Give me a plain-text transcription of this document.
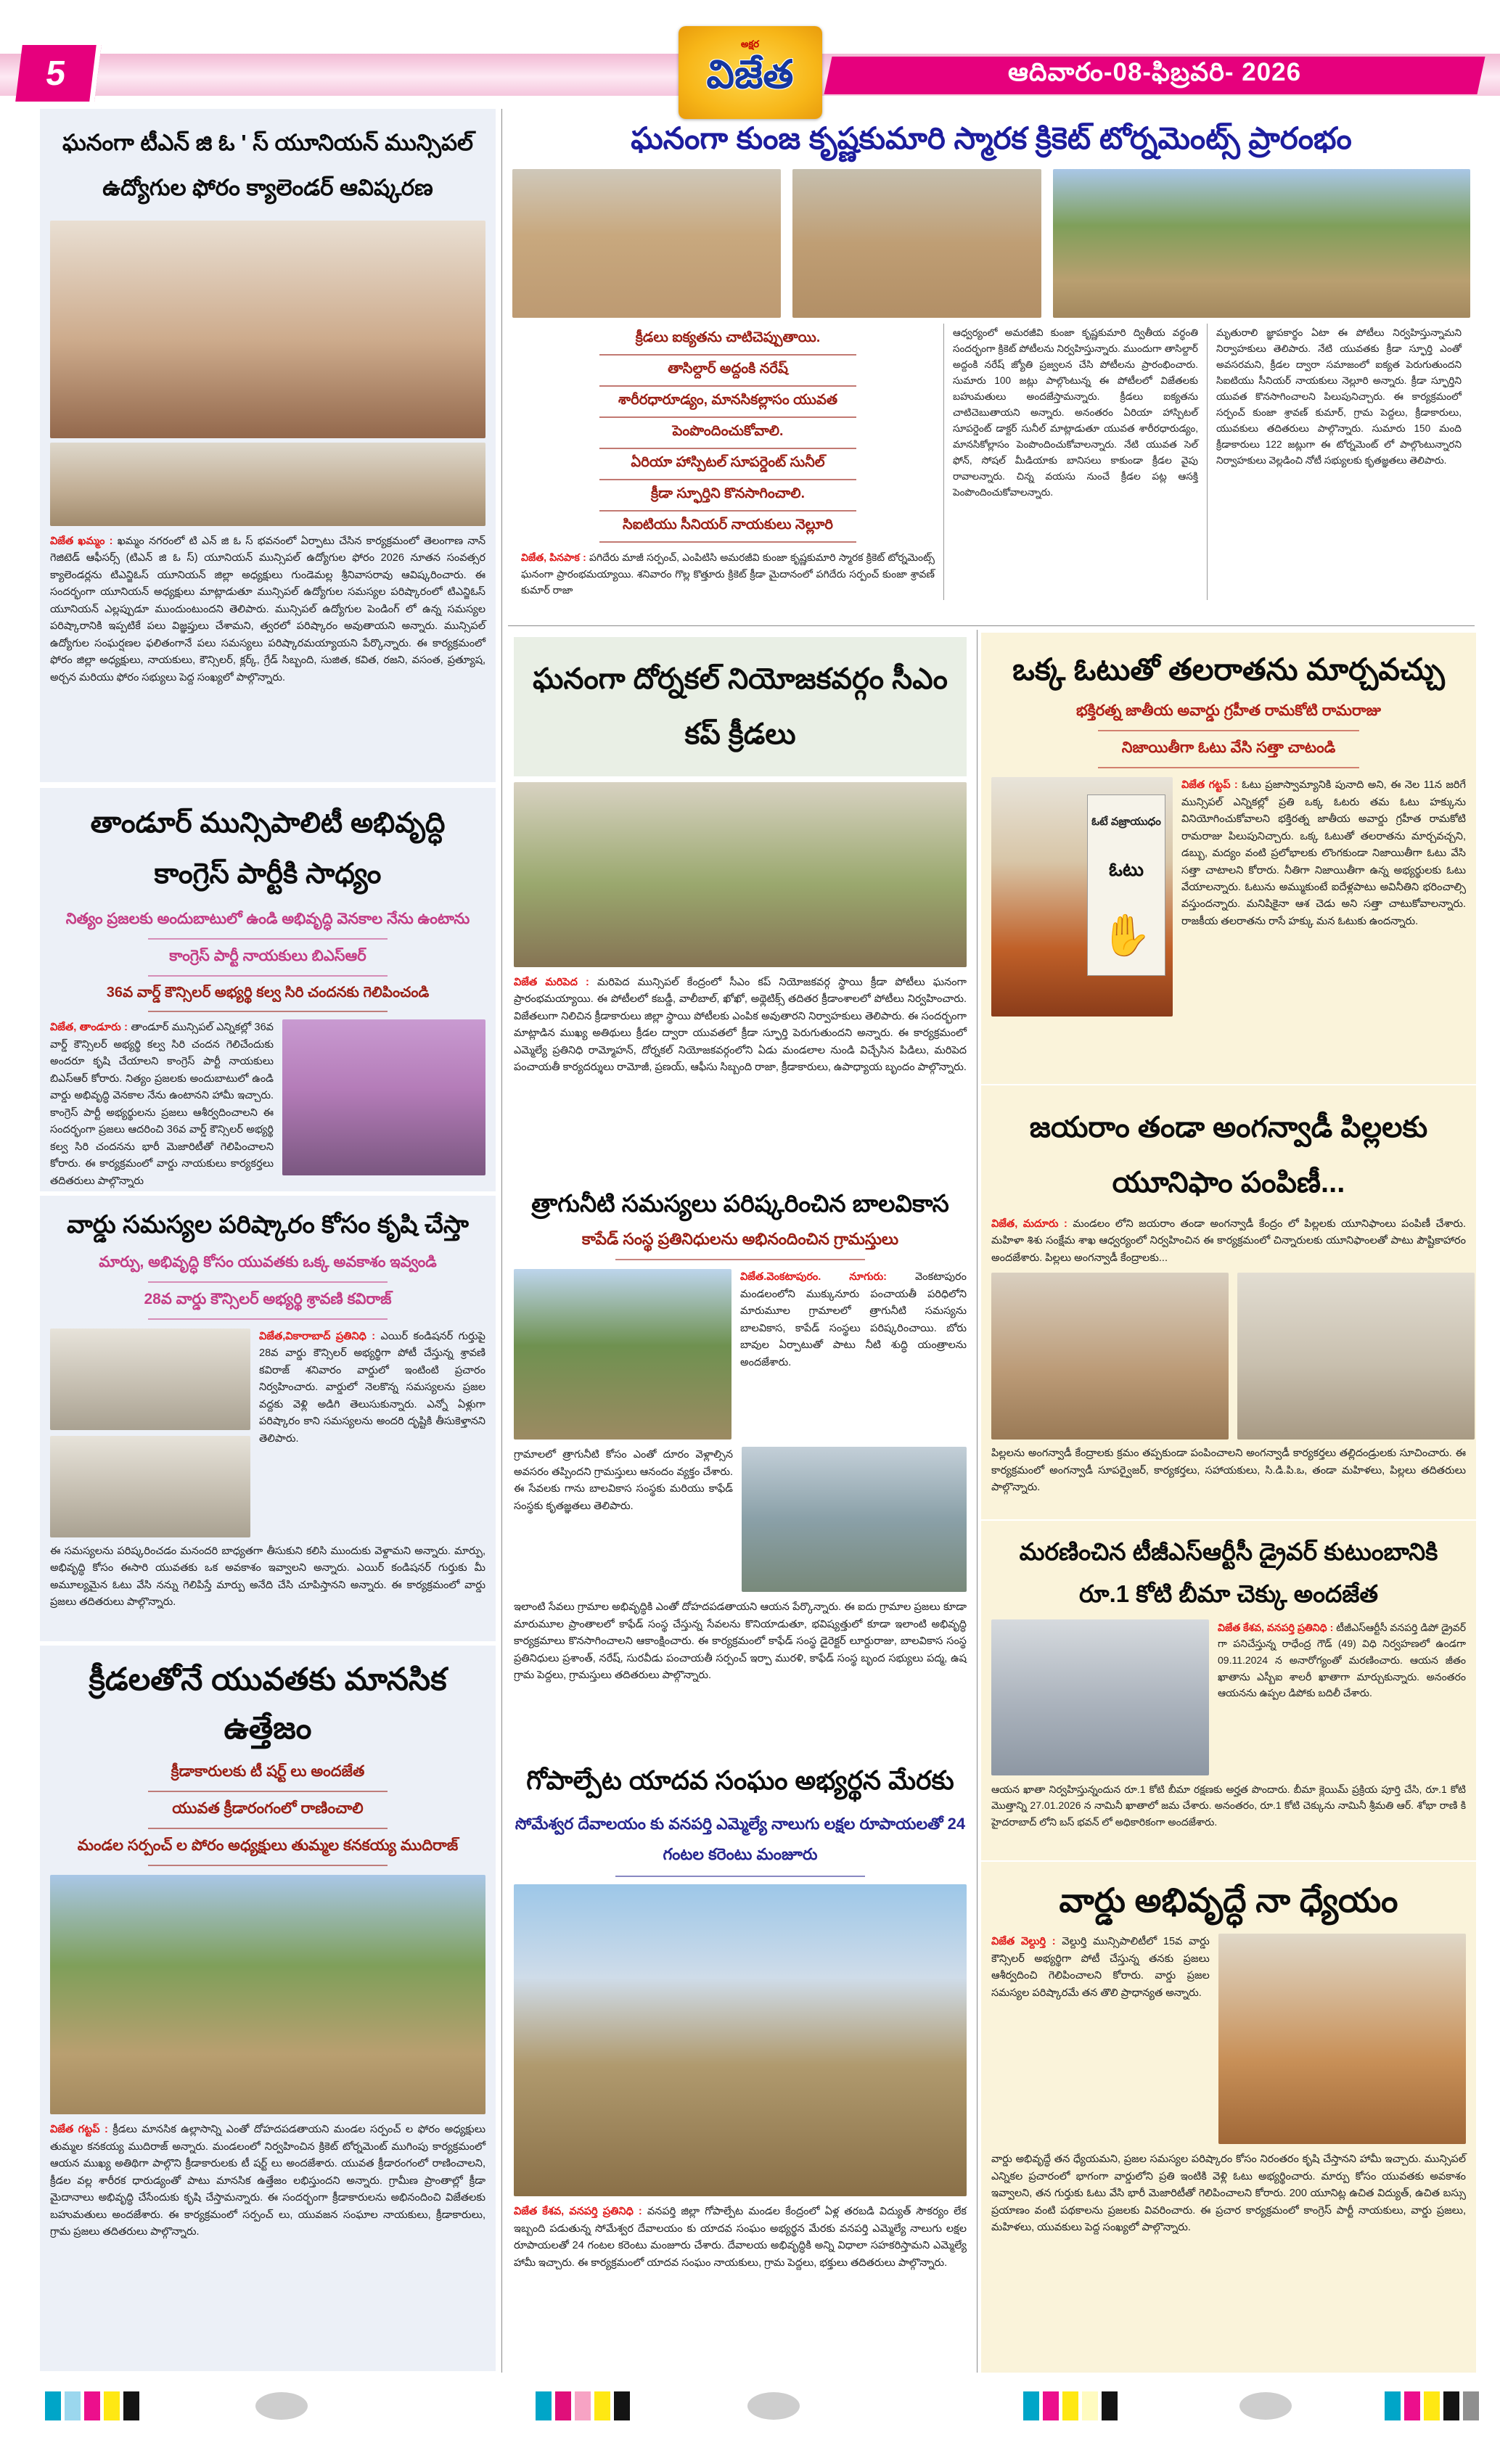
5
అక్షర
విజేత	ఆదివారం-08-ఫిబ్రవరి- 2026
ఘనంగా టీఎన్ జి ఓ ' స్ యూనియన్ మున్సిపల్ ఉద్యోగుల ఫోరం క్యాలెండర్ ఆవిష్కరణ
విజేత ఖమ్మం : ఖమ్మం నగరంలో టి ఎన్ జి ఓ స్ భవనంలో ఏర్పాటు చేసిన కార్యక్రమంలో తెలంగాణ నాన్ గెజిటెడ్ ఆఫీసర్స్ (టిఎన్ జి ఓ స్) యూనియన్ మున్సిపల్ ఉద్యోగుల ఫోరం 2026 నూతన సంవత్సర క్యాలెండర్లను టిఎన్జిఓస్ యూనియన్ జిల్లా అధ్యక్షులు గుండెమల్ల శ్రీనివాసరావు ఆవిష్కరించారు. ఈ సందర్భంగా యూనియన్ అధ్యక్షులు మాట్లాడుతూ మున్సిపల్ ఉద్యోగుల సమస్యల పరిష్కారంలో టిఎన్జిఓస్ యూనియన్ ఎల్లప్పుడూ ముందుంటుందని తెలిపారు. మున్సిపల్ ఉద్యోగుల పెండింగ్ లో ఉన్న సమస్యల పరిష్కారానికి ఇప్పటికే పలు విజ్ఞప్తులు చేశామని, త్వరలో పరిష్కారం అవుతాయని అన్నారు. మున్సిపల్ ఉద్యోగుల సంఘర్షణల ఫలితంగానే పలు సమస్యలు పరిష్కారమయ్యాయని పేర్కొన్నారు. ఈ కార్యక్రమంలో ఫోరం జిల్లా అధ్యక్షులు, నాయకులు, కౌన్సిలర్, క్లర్క్, గ్రేడ్ సిబ్బంది, సుజిత, కవిత, రజని, వసంత, ప్రత్యూష, అర్చన మరియు ఫోరం సభ్యులు పెద్ద సంఖ్యలో పాల్గొన్నారు.
తాండూర్ మున్సిపాలిటీ అభివృద్ధి కాంగ్రెస్ పార్టీకి సాధ్యం
నిత్యం ప్రజలకు అందుబాటులో ఉండి అభివృద్ధి వెనకాల నేను ఉంటాను
కాంగ్రెస్ పార్టీ నాయకులు బిఎస్ఆర్
36వ వార్డ్ కౌన్సిలర్ అభ్యర్థి కల్వ సిరి చందనకు గెలిపించండి
విజేత, తాండూరు : తాండూర్ మున్సిపల్ ఎన్నికల్లో 36వ వార్డ్ కౌన్సిలర్ అభ్యర్థి కల్వ సిరి చందన గెలిచేందుకు అందరూ కృషి చేయాలని కాంగ్రెస్ పార్టీ నాయకులు బిఎస్ఆర్ కోరారు. నిత్యం ప్రజలకు అందుబాటులో ఉండి వార్డు అభివృద్ధి వెనకాల నేను ఉంటానని హామీ ఇచ్చారు. కాంగ్రెస్ పార్టీ అభ్యర్థులను ప్రజలు ఆశీర్వదించాలని ఈ సందర్భంగా ప్రజలు ఆదరించి 36వ వార్డ్ కౌన్సిలర్ అభ్యర్థి కల్వ సిరి చందనను భారీ మెజారిటీతో గెలిపించాలని కోరారు. ఈ కార్యక్రమంలో వార్డు నాయకులు కార్యకర్తలు తదితరులు పాల్గొన్నారు
వార్డు సమస్యల పరిష్కారం కోసం కృషి చేస్తా
మార్పు, అభివృద్ధి కోసం యువతకు ఒక్క అవకాశం ఇవ్వండి
28వ వార్డు కౌన్సిలర్ అభ్యర్థి శ్రావణి కవిరాజ్
విజేత,వికారాబాద్ ప్రతినిధి : ఎయిర్ కండిషనర్ గుర్తుపై 28వ వార్డు కౌన్సిలర్ అభ్యర్థిగా పోటీ చేస్తున్న శ్రావణి కవిరాజ్ శనివారం వార్డులో ఇంటింటి ప్రచారం నిర్వహించారు. వార్డులో నెలకొన్న సమస్యలను ప్రజల వద్దకు వెళ్లి అడిగి తెలుసుకున్నారు. ఎన్నో ఏళ్లుగా పరిష్కారం కాని సమస్యలను అందరి దృష్టికి తీసుకెళ్తానని తెలిపారు.
ఈ సమస్యలను పరిష్కరించడం మనందరి బాధ్యతగా తీసుకుని కలిసి ముందుకు వెళ్దామని అన్నారు. మార్పు, అభివృద్ధి కోసం ఈసారి యువతకు ఒక అవకాశం ఇవ్వాలని అన్నారు. ఎయిర్ కండిషనర్ గుర్తుకు మీ అమూల్యమైన ఓటు వేసి నన్ను గెలిపిస్తే మార్పు అనేది చేసి చూపిస్తానని అన్నారు. ఈ కార్యక్రమంలో వార్డు ప్రజలు తదితరులు పాల్గొన్నారు.
క్రీడలతోనే యువతకు మానసిక ఉత్తేజం
క్రీడాకారులకు టీ షర్ట్ లు అందజేత
యువత క్రీడారంగంలో రాణించాలి
మండల సర్పంచ్ ల పోరం అధ్యక్షులు తుమ్మల కనకయ్య ముదిరాజ్
విజేత గట్టప్ : క్రీడలు మానసిక ఉల్లాసాన్ని ఎంతో దోహదపడతాయని మండల సర్పంచ్ ల ఫోరం అధ్యక్షులు తుమ్మల కనకయ్య ముదిరాజ్ అన్నారు. మండలంలో నిర్వహించిన క్రికెట్ టోర్నమెంట్ ముగింపు కార్యక్రమంలో ఆయన ముఖ్య అతిథిగా పాల్గొని క్రీడాకారులకు టీ షర్ట్ లు అందజేశారు. యువత క్రీడారంగంలో రాణించాలని, క్రీడల వల్ల శారీరక ధారుడ్యంతో పాటు మానసిక ఉత్తేజం లభిస్తుందని అన్నారు. గ్రామీణ ప్రాంతాల్లో క్రీడా మైదానాలు అభివృద్ధి చేసేందుకు కృషి చేస్తామన్నారు. ఈ సందర్భంగా క్రీడాకారులను అభినందించి విజేతలకు బహుమతులు అందజేశారు. ఈ కార్యక్రమంలో సర్పంచ్ లు, యువజన సంఘాల నాయకులు, క్రీడాకారులు, గ్రామ ప్రజలు తదితరులు పాల్గొన్నారు.
ఘనంగా కుంజ కృష్ణకుమారి స్మారక క్రికెట్ టోర్నమెంట్స్ ప్రారంభం
క్రీడలు ఐక్యతను చాటిచెప్పుతాయి.
తాసిల్దార్ అద్దంకి నరేష్
శారీరధారూడ్యం, మానసికల్లాసం యువత
పెంపొందించుకోవాలి.
ఏరియా హాస్పిటల్ సూపర్డెంట్ సునీల్
క్రీడా స్ఫూర్తిని కొనసాగించాలి.
సిఐటియు సీనియర్ నాయకులు నెల్లూరి
విజేత, పినపాక : పగిదేరు మాజీ సర్పంచ్, ఎంపిటిసి అమరజీవి కుంజా కృష్ణకుమారి స్మారక క్రికెట్ టోర్నమెంట్స్ ఘనంగా ప్రారంభమయ్యాయి. శనివారం గొల్ల కొత్తూరు క్రికెట్ క్రీడా మైదానంలో పగిదేరు సర్పంచ్ కుంజా శ్రావణ్ కుమార్ రాజా
ఆధ్వర్యంలో అమరజీవి కుంజా కృష్ణకుమారి ద్వితీయ వర్ధంతి సందర్భంగా క్రికెట్ పోటీలను నిర్వహిస్తున్నారు. ముందుగా తాసిల్దార్ అద్దంకి నరేష్ జ్యోతి ప్రజ్వలన చేసి పోటీలను ప్రారంభించారు. సుమారు 100 జట్లు పాల్గొంటున్న ఈ పోటీలలో విజేతలకు బహుమతులు అందజేస్తామన్నారు. క్రీడలు ఐక్యతను చాటిచెబుతాయని అన్నారు. అనంతరం ఏరియా హాస్పిటల్ సూపర్డెంట్ డాక్టర్ సునీల్ మాట్లాడుతూ యువత శారీరధారుడ్యం, మానసికోల్లాసం పెంపొందించుకోవాలన్నారు. నేటి యువత సెల్ ఫోన్, సోషల్ మీడియాకు బానిసలు కాకుండా క్రీడల వైపు రావాలన్నారు. చిన్న వయసు నుంచే క్రీడల పట్ల ఆసక్తి పెంపొందించుకోవాలన్నారు.
మృతురాలి జ్ఞాపకార్థం ఏటా ఈ పోటీలు నిర్వహిస్తున్నామని నిర్వాహకులు తెలిపారు. నేటి యువతకు క్రీడా స్ఫూర్తి ఎంతో అవసరమని, క్రీడల ద్వారా సమాజంలో ఐక్యత పెరుగుతుందని సిఐటియు సీనియర్ నాయకులు నెల్లూరి అన్నారు. క్రీడా స్ఫూర్తిని యువత కొనసాగించాలని పిలుపునిచ్చారు. ఈ కార్యక్రమంలో సర్పంచ్ కుంజా శ్రావణ్ కుమార్, గ్రామ పెద్దలు, క్రీడాకారులు, యువకులు తదితరులు పాల్గొన్నారు. సుమారు 150 మంది క్రీడాకారులు 122 జట్లుగా ఈ టోర్నమెంట్ లో పాల్గొంటున్నారని నిర్వాహకులు వెల్లడించి నోటీ సభ్యులకు కృతజ్ఞతలు తెలిపారు.
ఘనంగా దోర్నకల్ నియోజకవర్గం సీఎం కప్ క్రీడలు
విజేత మరిపెద : మరిపెద మున్సిపల్ కేంద్రంలో సీఎం కప్ నియోజకవర్గ స్థాయి క్రీడా పోటీలు ఘనంగా ప్రారంభమయ్యాయి. ఈ పోటీలలో కబడ్డీ, వాలీబాల్, ఖోఖో, అథ్లెటిక్స్ తదితర క్రీడాంశాలలో పోటీలు నిర్వహించారు. విజేతలుగా నిలిచిన క్రీడాకారులు జిల్లా స్థాయి పోటీలకు ఎంపిక అవుతారని నిర్వాహకులు తెలిపారు. ఈ సందర్భంగా మాట్లాడిన ముఖ్య అతిథులు క్రీడల ద్వారా యువతలో క్రీడా స్ఫూర్తి పెరుగుతుందని అన్నారు. ఈ కార్యక్రమంలో ఎమ్మెల్యే ప్రతినిధి రామ్మోహన్, దోర్నకల్ నియోజకవర్గంలోని ఏడు మండలాల నుండి విచ్చేసిన పిడిలు, మరిపెద పంచాయతీ కార్యదర్శులు రామోజీ, ప్రణయ్, ఆఫీసు సిబ్బంది రాజా, క్రీడాకారులు, ఉపాధ్యాయ బృందం పాల్గొన్నారు.
త్రాగునీటి సమస్యలు పరిష్కరించిన బాలవికాస
కాపేడ్ సంస్థ ప్రతినిధులను అభినందించిన గ్రామస్తులు
విజేత.వెంకటాపురం. నూగురు:	వెంకటాపురం మండలంలోని ముక్కునూరు పంచాయతీ పరిధిలోని మారుమూల గ్రామాలలో త్రాగునీటి సమస్యను బాలవికాస, కాపేడ్ సంస్థలు పరిష్కరించాయి. బోరు బావుల ఏర్పాటుతో పాటు నీటి శుద్ధి యంత్రాలను అందజేశారు.
గ్రామాలలో త్రాగునీటి కోసం ఎంతో దూరం వెళ్లాల్సిన అవసరం తప్పిందని గ్రామస్తులు ఆనందం వ్యక్తం చేశారు. ఈ సేవలకు గాను బాలవికాస సంస్థకు మరియు కాఫేడ్ సంస్థకు కృతజ్ఞతలు తెలిపారు.
ఇలాంటి సేవలు గ్రామాల అభివృద్ధికి ఎంతో దోహదపడతాయని ఆయన పేర్కొన్నారు. ఈ ఐదు గ్రామాల ప్రజలు కూడా మారుమూల ప్రాంతాలలో కాఫేడ్ సంస్థ చేస్తున్న సేవలను కొనియాడుతూ, భవిష్యత్తులో కూడా ఇలాంటి అభివృద్ధి కార్యక్రమాలు కొనసాగించాలని ఆకాంక్షించారు. ఈ కార్యక్రమంలో కాఫేడ్ సంస్థ డైరెక్టర్ లూర్దురాజు, బాలవికాస సంస్థ ప్రతినిధులు ప్రశాంత్, నరేష్, సురవీడు పంచాయతీ సర్పంచ్ ఇర్పా మురళి, కాఫేడ్ సంస్థ బృంద సభ్యులు పద్మ, ఉష గ్రామ పెద్దలు, గ్రామస్తులు తదితరులు పాల్గొన్నారు.
గోపాల్పేట యాదవ సంఘం అభ్యర్థన మేరకు
సోమేశ్వర దేవాలయం కు వనపర్తి ఎమ్మెల్యే నాలుగు లక్షల రూపాయలతో 24 గంటల కరెంటు మంజూరు
విజేత కేశవ, వనపర్తి ప్రతినిధి : వనపర్తి జిల్లా గోపాల్పేట మండల కేంద్రంలో ఏళ్ల తరబడి విద్యుత్ సౌకర్యం లేక ఇబ్బంది పడుతున్న సోమేశ్వర దేవాలయం కు యాదవ సంఘం అభ్యర్థన మేరకు వనపర్తి ఎమ్మెల్యే నాలుగు లక్షల రూపాయలతో 24 గంటల కరెంటు మంజూరు చేశారు. దేవాలయ అభివృద్ధికి అన్ని విధాలా సహకరిస్తామని ఎమ్మెల్యే హామీ ఇచ్చారు. ఈ కార్యక్రమంలో యాదవ సంఘం నాయకులు, గ్రామ పెద్దలు, భక్తులు తదితరులు పాల్గొన్నారు.
ఒక్క ఓటుతో తలరాతను మార్చవచ్చు
భక్తిరత్న జాతీయ అవార్డు గ్రహీత రామకోటి రామరాజు
నిజాయితీగా ఓటు వేసి సత్తా చాటండి
ఓటే వజ్రాయుధం
ఓటు
✋
విజేత గట్టప్ : ఓటు ప్రజాస్వామ్యానికి పునాది అని, ఈ నెల 11న జరిగే మున్సిపల్ ఎన్నికల్లో ప్రతి ఒక్క ఓటరు తమ ఓటు హక్కును వినియోగించుకోవాలని భక్తిరత్న జాతీయ అవార్డు గ్రహీత రామకోటి రామరాజు పిలుపునిచ్చారు. ఒక్క ఓటుతో తలరాతను మార్చవచ్చని, డబ్బు, మద్యం వంటి ప్రలోభాలకు లొంగకుండా నిజాయితీగా ఓటు వేసి సత్తా చాటాలని కోరారు. నీతిగా నిజాయితీగా ఉన్న అభ్యర్థులకు ఓటు వేయాలన్నారు. ఓటును అమ్ముకుంటే ఐదేళ్లపాటు అవినీతిని భరించాల్సి వస్తుందన్నారు. మనిషికైనా ఆశ చెడు అని సత్తా చాటుకోవాలన్నారు. రాజకీయ తలరాతను రాసే హక్కు మన ఓటుకు ఉందన్నారు.
జయరాం తండా అంగన్వాడీ పిల్లలకు యూనిఫాం పంపిణీ...
విజేత, మదూరు : మండలం లోని జయరాం తండా అంగన్వాడీ కేంద్రం లో పిల్లలకు యూనిఫాంలు పంపిణీ చేశారు. మహిళా శిశు సంక్షేమ శాఖ ఆధ్వర్యంలో నిర్వహించిన ఈ కార్యక్రమంలో చిన్నారులకు యూనిఫాంలతో పాటు పౌష్టికాహారం అందజేశారు. పిల్లలు అంగన్వాడీ కేంద్రాలకు...
పిల్లలను అంగన్వాడీ కేంద్రాలకు క్రమం తప్పకుండా పంపించాలని అంగన్వాడీ కార్యకర్తలు తల్లిదండ్రులకు సూచించారు. ఈ కార్యక్రమంలో అంగన్వాడీ సూపర్వైజర్, కార్యకర్తలు, సహాయకులు, సి.డి.పి.ఒ, తండా మహిళలు, పిల్లలు తదితరులు పాల్గొన్నారు.
మరణించిన టీజీఎస్ఆర్టీసీ డ్రైవర్ కుటుంబానికి రూ.1 కోటి బీమా చెక్కు అందజేత
విజేత కేశవ, వనపర్తి ప్రతినిధి : టీజీఎస్ఆర్టీసీ వనపర్తి డిపో డ్రైవర్ గా పనిచేస్తున్న రాధేంద్ర గౌడ్ (49) విధి నిర్వహణలో ఉండగా 09.11.2024 న అనారోగ్యంతో మరణించారు. ఆయన జీతం ఖాతాను ఎస్బీఐ శాలరీ ఖాతాగా మార్చుకున్నారు. అనంతరం ఆయనను ఉప్పల డిపోకు బదిలీ చేశారు.
ఆయన ఖాతా నిర్వహిస్తున్నందున రూ.1 కోటి బీమా రక్షణకు అర్హత పొందారు. బీమా క్లెయిమ్ ప్రక్రియ పూర్తి చేసి, రూ.1 కోటి మొత్తాన్ని 27.01.2026 న నామినీ ఖాతాలో జమ చేశారు. అనంతరం, రూ.1 కోటి చెక్కును నామినీ శ్రీమతి ఆర్. శోభా రాణి కి హైదరాబాద్ లోని బస్ భవన్ లో అధికారికంగా అందజేశారు.
వార్డు అభివృద్ధే నా ధ్యేయం
విజేత వెల్దుర్తి : వెల్దుర్తి మున్సిపాలిటీలో 15వ వార్డు కౌన్సిలర్ అభ్యర్థిగా పోటీ చేస్తున్న తనకు ప్రజలు ఆశీర్వదించి గెలిపించాలని కోరారు. వార్డు ప్రజల సమస్యల పరిష్కారమే తన తొలి ప్రాధాన్యత అన్నారు.
వార్డు అభివృద్ధే తన ధ్యేయమని, ప్రజల సమస్యల పరిష్కారం కోసం నిరంతరం కృషి చేస్తానని హామీ ఇచ్చారు. మున్సిపల్ ఎన్నికల ప్రచారంలో భాగంగా వార్డులోని ప్రతి ఇంటికి వెళ్లి ఓటు అభ్యర్థించారు. మార్పు కోసం యువతకు అవకాశం ఇవ్వాలని, తన గుర్తుకు ఓటు వేసి భారీ మెజారిటీతో గెలిపించాలని కోరారు. 200 యూనిట్ల ఉచిత విద్యుత్, ఉచిత బస్సు ప్రయాణం వంటి పథకాలను ప్రజలకు వివరించారు. ఈ ప్రచార కార్యక్రమంలో కాంగ్రెస్ పార్టీ నాయకులు, వార్డు ప్రజలు, మహిళలు, యువకులు పెద్ద సంఖ్యలో పాల్గొన్నారు.
